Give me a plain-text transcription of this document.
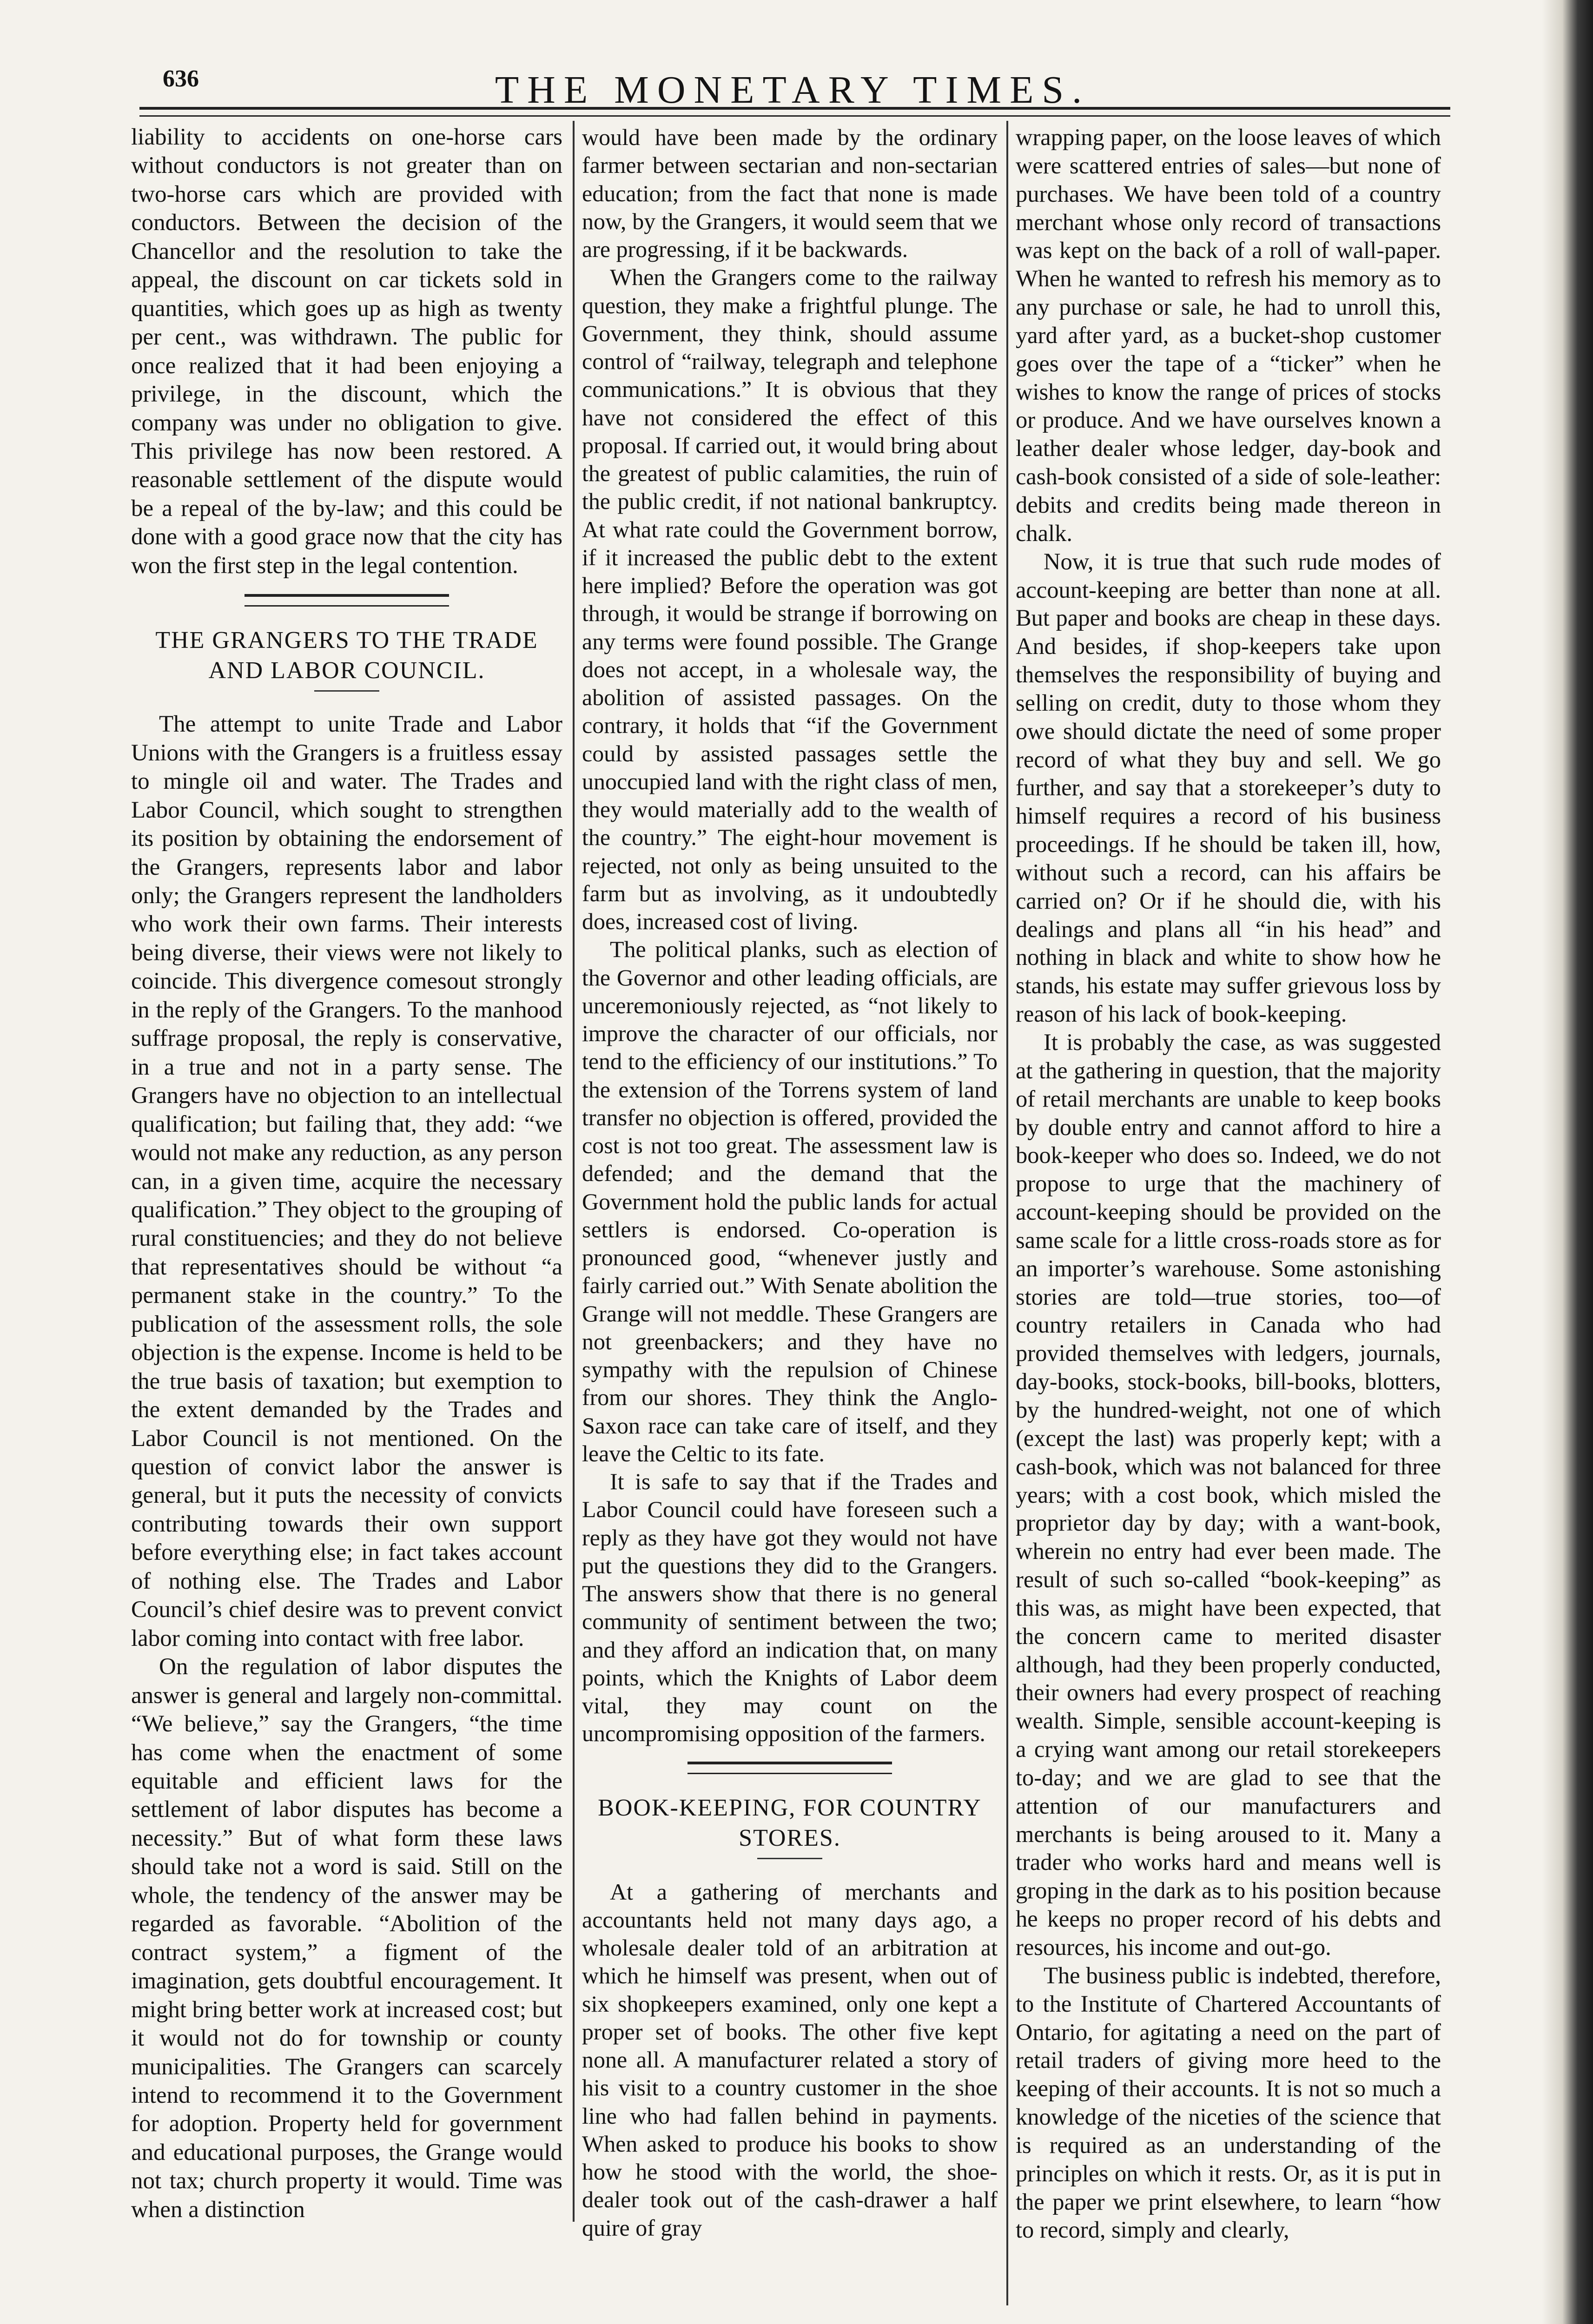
636	THE MONETARY TIMES.

liability to accidents on one-horse cars without conductors is not greater than on two-horse cars which are provided with conductors. Between the decision of the Chancellor and the resolution to take the appeal, the discount on car tickets sold in quantities, which goes up as high as twenty per cent., was withdrawn. The public for once realized that it had been enjoying a privilege, in the discount, which the company was under no obligation to give. This privilege has now been restored. A reasonable settlement of the dispute would be a repeal of the by-law; and this could be done with a good grace now that the city has won the first step in the legal contention.

THE GRANGERS TO THE TRADE AND LABOR COUNCIL.

The attempt to unite Trade and Labor Unions with the Grangers is a fruitless essay to mingle oil and water. The Trades and Labor Council, which sought to strengthen its position by obtaining the endorsement of the Grangers, represents labor and labor only; the Grangers represent the landholders who work their own farms. Their interests being diverse, their views were not likely to coincide. This divergence comesout strongly in the reply of the Grangers. To the manhood suffrage proposal, the reply is conservative, in a true and not in a party sense. The Grangers have no objection to an intellectual qualification; but failing that, they add: “we would not make any reduction, as any person can, in a given time, acquire the necessary qualification.” They object to the grouping of rural constituencies; and they do not believe that representatives should be without “a permanent stake in the country.” To the publication of the assessment rolls, the sole objection is the expense. Income is held to be the true basis of taxation; but exemption to the extent demanded by the Trades and Labor Council is not mentioned. On the question of convict labor the answer is general, but it puts the necessity of convicts contributing towards their own support before everything else; in fact takes account of nothing else. The Trades and Labor Council’s chief desire was to prevent convict labor coming into contact with free labor.

On the regulation of labor disputes the answer is general and largely non-committal. “We believe,” say the Grangers, “the time has come when the enactment of some equitable and efficient laws for the settlement of labor disputes has become a necessity.” But of what form these laws should take not a word is said. Still on the whole, the tendency of the answer may be regarded as favorable. “Abolition of the contract system,” a figment of the imagination, gets doubtful encouragement. It might bring better work at increased cost; but it would not do for township or county municipalities. The Grangers can scarcely intend to recommend it to the Government for adoption. Property held for government and educational purposes, the Grange would not tax; church property it would. Time was when a distinction

would have been made by the ordinary farmer between sectarian and non-sectarian education; from the fact that none is made now, by the Grangers, it would seem that we are progressing, if it be backwards.

When the Grangers come to the railway question, they make a frightful plunge. The Government, they think, should assume control of “railway, telegraph and telephone communications.” It is obvious that they have not considered the effect of this proposal. If carried out, it would bring about the greatest of public calamities, the ruin of the public credit, if not national bankruptcy. At what rate could the Government borrow, if it increased the public debt to the extent here implied? Before the operation was got through, it would be strange if borrowing on any terms were found possible. The Grange does not accept, in a wholesale way, the abolition of assisted passages. On the contrary, it holds that “if the Government could by assisted passages settle the unoccupied land with the right class of men, they would materially add to the wealth of the country.” The eight-hour movement is rejected, not only as being unsuited to the farm but as involving, as it undoubtedly does, increased cost of living.

The political planks, such as election of the Governor and other leading officials, are unceremoniously rejected, as “not likely to improve the character of our officials, nor tend to the efficiency of our institutions.” To the extension of the Torrens system of land transfer no objection is offered, provided the cost is not too great. The assessment law is defended; and the demand that the Government hold the public lands for actual settlers is endorsed. Co-operation is pronounced good, “whenever justly and fairly carried out.” With Senate abolition the Grange will not meddle. These Grangers are not greenbackers; and they have no sympathy with the repulsion of Chinese from our shores. They think the Anglo-Saxon race can take care of itself, and they leave the Celtic to its fate.

It is safe to say that if the Trades and Labor Council could have foreseen such a reply as they have got they would not have put the questions they did to the Grangers. The answers show that there is no general community of sentiment between the two; and they afford an indication that, on many points, which the Knights of Labor deem vital, they may count on the uncompromising opposition of the farmers.

BOOK-KEEPING, FOR COUNTRY STORES.

At a gathering of merchants and accountants held not many days ago, a wholesale dealer told of an arbitration at which he himself was present, when out of six shopkeepers examined, only one kept a proper set of books. The other five kept none all. A manufacturer related a story of his visit to a country customer in the shoe line who had fallen behind in payments. When asked to produce his books to show how he stood with the world, the shoe-dealer took out of the cash-drawer a half quire of gray

wrapping paper, on the loose leaves of which were scattered entries of sales—but none of purchases. We have been told of a country merchant whose only record of transactions was kept on the back of a roll of wall-paper. When he wanted to refresh his memory as to any purchase or sale, he had to unroll this, yard after yard, as a bucket-shop customer goes over the tape of a “ticker” when he wishes to know the range of prices of stocks or produce. And we have ourselves known a leather dealer whose ledger, day-book and cash-book consisted of a side of sole-leather: debits and credits being made thereon in chalk.

Now, it is true that such rude modes of account-keeping are better than none at all. But paper and books are cheap in these days. And besides, if shop-keepers take upon themselves the responsibility of buying and selling on credit, duty to those whom they owe should dictate the need of some proper record of what they buy and sell. We go further, and say that a storekeeper’s duty to himself requires a record of his business proceedings. If he should be taken ill, how, without such a record, can his affairs be carried on? Or if he should die, with his dealings and plans all “in his head” and nothing in black and white to show how he stands, his estate may suffer grievous loss by reason of his lack of book-keeping.

It is probably the case, as was suggested at the gathering in question, that the majority of retail merchants are unable to keep books by double entry and cannot afford to hire a book-keeper who does so. Indeed, we do not propose to urge that the machinery of account-keeping should be provided on the same scale for a little cross-roads store as for an importer’s warehouse. Some astonishing stories are told—true stories, too—of country retailers in Canada who had provided themselves with ledgers, journals, day-books, stock-books, bill-books, blotters, by the hundred-weight, not one of which (except the last) was properly kept; with a cash-book, which was not balanced for three years; with a cost book, which misled the proprietor day by day; with a want-book, wherein no entry had ever been made. The result of such so-called “book-keeping” as this was, as might have been expected, that the concern came to merited disaster although, had they been properly conducted, their owners had every prospect of reaching wealth. Simple, sensible account-keeping is a crying want among our retail storekeepers to-day; and we are glad to see that the attention of our manufacturers and merchants is being aroused to it. Many a trader who works hard and means well is groping in the dark as to his position because he keeps no proper record of his debts and resources, his income and out-go.

The business public is indebted, therefore, to the Institute of Chartered Accountants of Ontario, for agitating a need on the part of retail traders of giving more heed to the keeping of their accounts. It is not so much a knowledge of the niceties of the science that is required as an understanding of the principles on which it rests. Or, as it is put in the paper we print elsewhere, to learn “how to record, simply and clearly,
